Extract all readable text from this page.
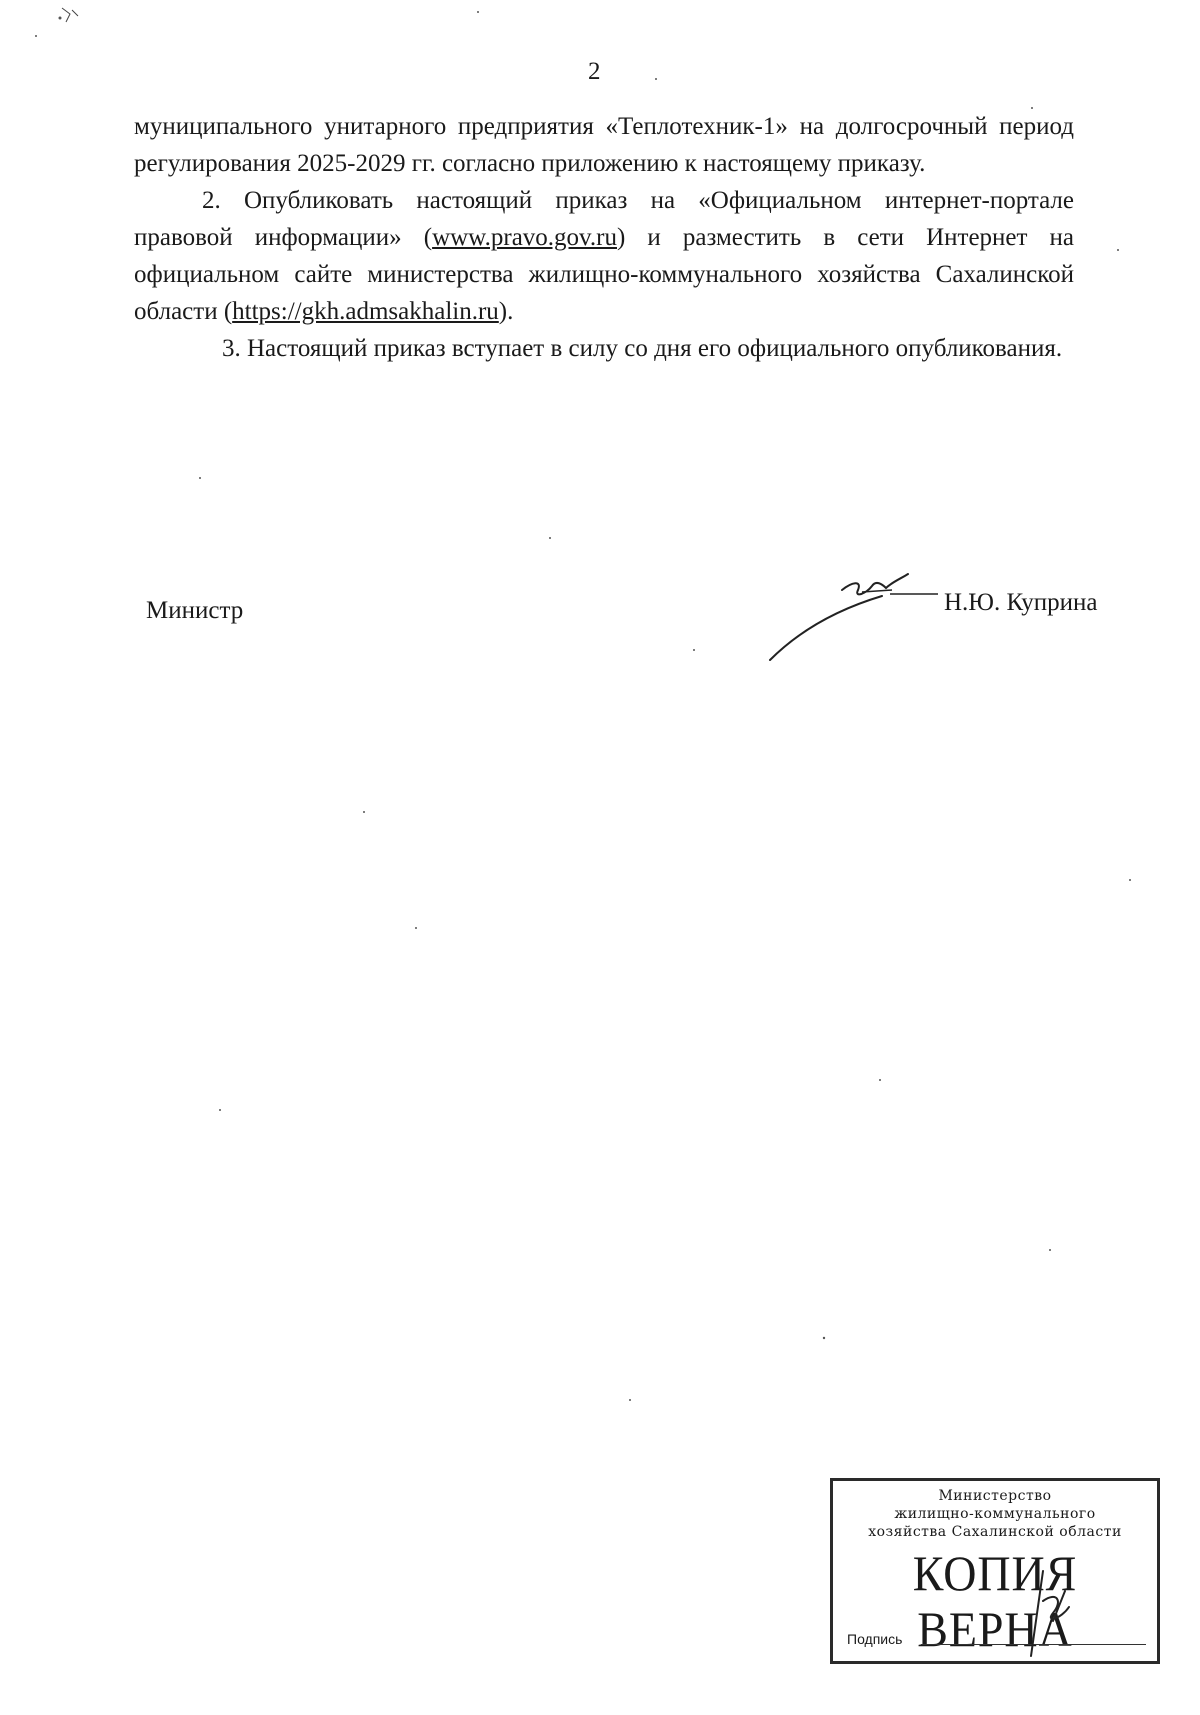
2

муниципального унитарного предприятия «Теплотехник-1» на долгосрочный период регулирования 2025-2029 гг. согласно приложению к настоящему приказу.

2. Опубликовать настоящий приказ на «Официальном интернет-портале правовой информации» (www.pravo.gov.ru) и разместить в сети Интернет на официальном сайте министерства жилищно-коммунального хозяйства Сахалинской области (https://gkh.admsakhalin.ru).

3. Настоящий приказ вступает в силу со дня его официального опубликования.

Министр	Н.Ю. Куприна
Министерство
жилищно-коммунального
хозяйства Сахалинской области
КОПИЯ ВЕРНА
Подпись
